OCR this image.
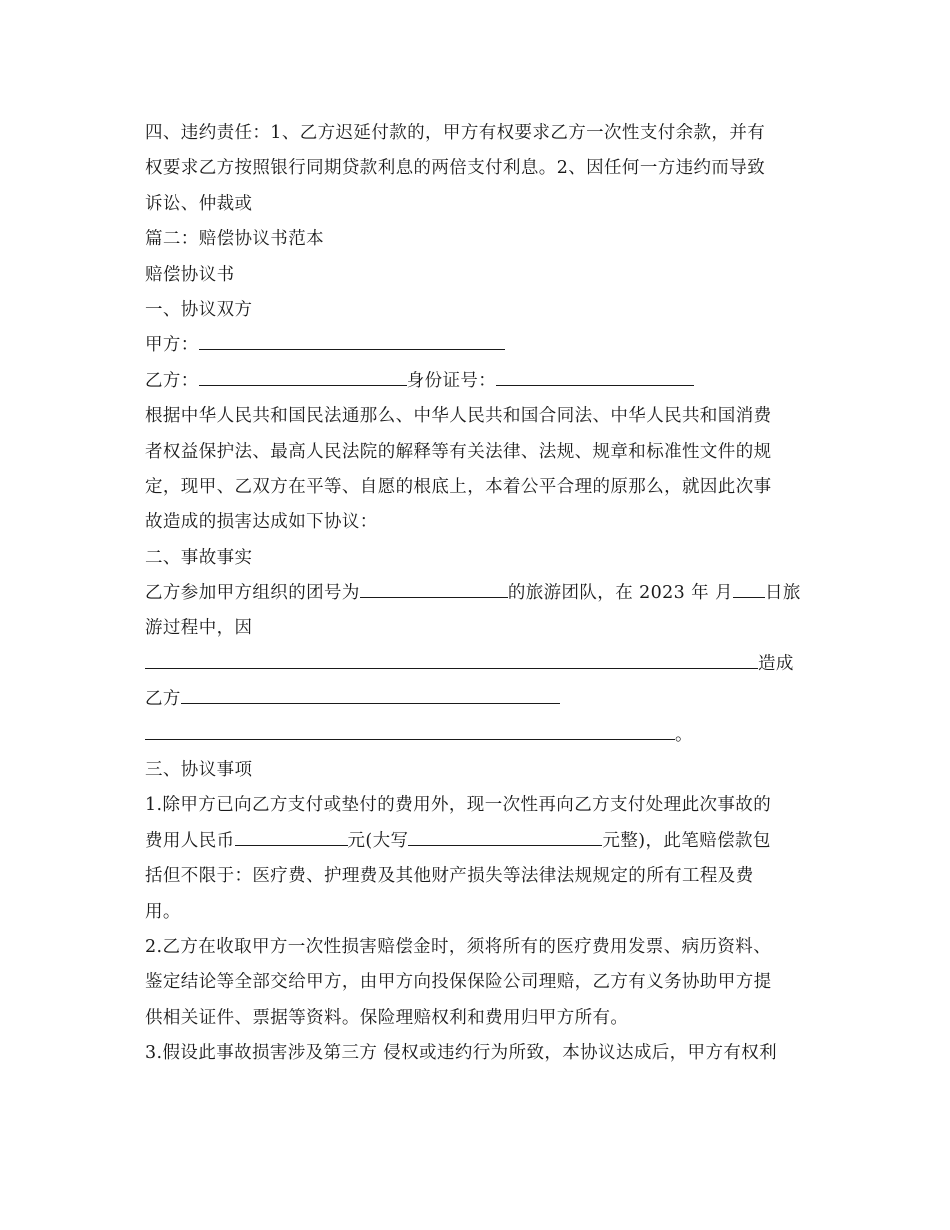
四、违约责任：1、乙方迟延付款的，甲方有权要求乙方一次性支付余款，并有
权要求乙方按照银行同期贷款利息的两倍支付利息。2、因任何一方违约而导致
诉讼、仲裁或
篇二：赔偿协议书范本
赔偿协议书
一、协议双方
甲方：
乙方：	身份证号：
根据中华人民共和国民法通那么、中华人民共和国合同法、中华人民共和国消费
者权益保护法、最高人民法院的解释等有关法律、法规、规章和标准性文件的规
定，现甲、乙双方在平等、自愿的根底上，本着公平合理的原那么，就因此次事
故造成的损害达成如下协议：
二、事故事实
乙方参加甲方组织的团号为	的旅游团队，在 2023 年 月 日旅
游过程中，因
造成
乙方
。
三、协议事项
1.除甲方已向乙方支付或垫付的费用外，现一次性再向乙方支付处理此次事故的
费用人民币	元(大写	元整)，此笔赔偿款包
括但不限于：医疗费、护理费及其他财产损失等法律法规规定的所有工程及费
用。
2.乙方在收取甲方一次性损害赔偿金时，须将所有的医疗费用发票、病历资料、
鉴定结论等全部交给甲方，由甲方向投保保险公司理赔，乙方有义务协助甲方提
供相关证件、票据等资料。保险理赔权利和费用归甲方所有。
3.假设此事故损害涉及第三方 侵权或违约行为所致，本协议达成后，甲方有权利
